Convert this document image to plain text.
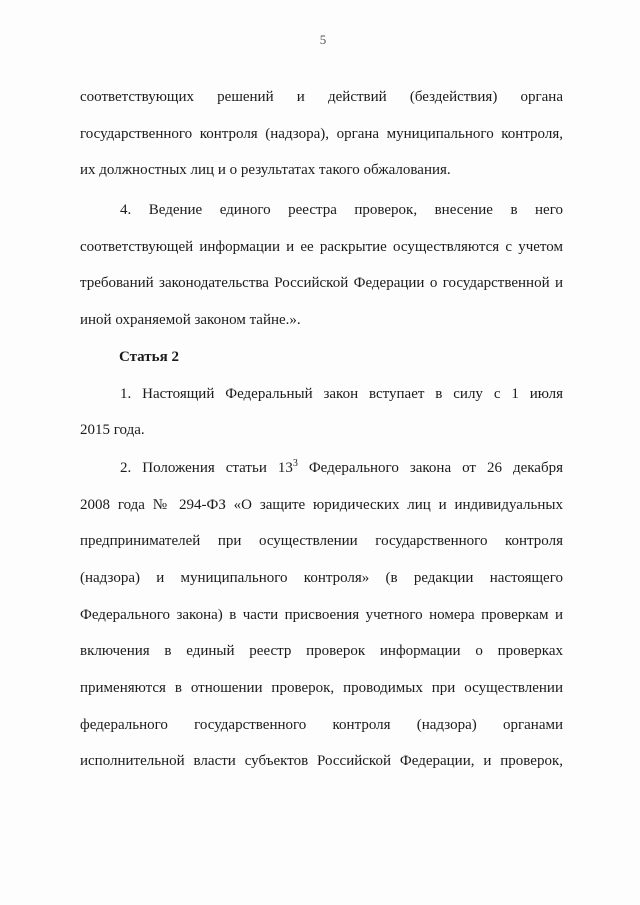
5
соответствующих решений и действий (бездействия) органа
государственного контроля (надзора), органа муниципального контроля,
их должностных лиц и о результатах такого обжалования.
4. Ведение единого реестра проверок, внесение в него
соответствующей информации и ее раскрытие осуществляются с учетом
требований законодательства Российской Федерации о государственной и
иной охраняемой законом тайне.».
Статья 2
1. Настоящий Федеральный закон вступает в силу с 1 июля
2015 года.
2. Положения статьи $13^3$ Федерального закона от 26 декабря
2008 года № 294-ФЗ «О защите юридических лиц и индивидуальных
предпринимателей при осуществлении государственного контроля
(надзора) и муниципального контроля» (в редакции настоящего
Федерального закона) в части присвоения учетного номера проверкам и
включения в единый реестр проверок информации о проверках
применяются в отношении проверок, проводимых при осуществлении
федерального государственного контроля (надзора) органами
исполнительной власти субъектов Российской Федерации, и проверок,
